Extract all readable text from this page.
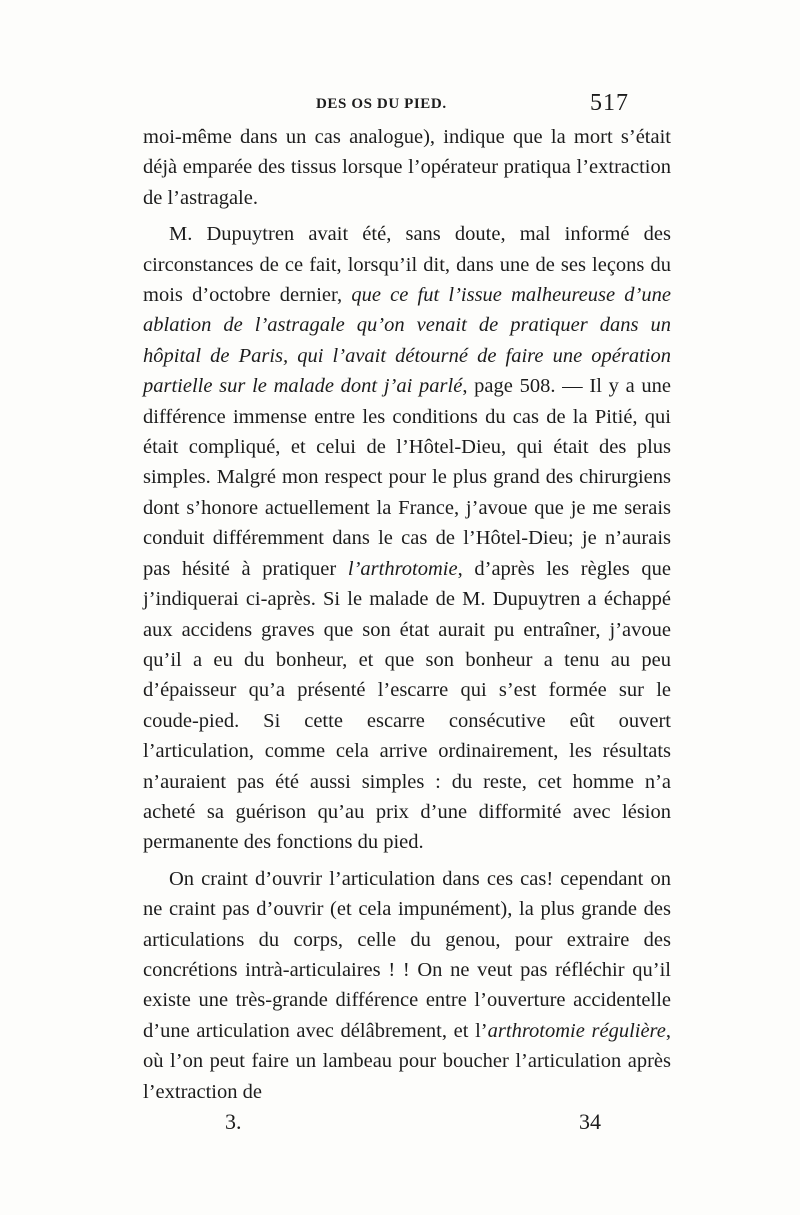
DES OS DU PIED.	517

moi-même dans un cas analogue), indique que la mort s’était déjà emparée des tissus lorsque l’opérateur pratiqua l’extraction de l’astragale.

M. Dupuytren avait été, sans doute, mal informé des circonstances de ce fait, lorsqu’il dit, dans une de ses leçons du mois d’octobre dernier, que ce fut l’issue malheureuse d’une ablation de l’astragale qu’on venait de pratiquer dans un hôpital de Paris, qui l’avait détourné de faire une opération partielle sur le malade dont j’ai parlé, page 508. — Il y a une différence immense entre les conditions du cas de la Pitié, qui était compliqué, et celui de l’Hôtel-Dieu, qui était des plus simples. Malgré mon respect pour le plus grand des chirurgiens dont s’honore actuellement la France, j’avoue que je me serais conduit différemment dans le cas de l’Hôtel-Dieu; je n’aurais pas hésité à pratiquer l’arthrotomie, d’après les règles que j’indiquerai ci-après. Si le malade de M. Dupuytren a échappé aux accidens graves que son état aurait pu entraîner, j’avoue qu’il a eu du bonheur, et que son bonheur a tenu au peu d’épaisseur qu’a présenté l’escarre qui s’est formée sur le coude-pied. Si cette escarre consécutive eût ouvert l’articulation, comme cela arrive ordinairement, les résultats n’auraient pas été aussi simples : du reste, cet homme n’a acheté sa guérison qu’au prix d’une difformité avec lésion permanente des fonctions du pied.

On craint d’ouvrir l’articulation dans ces cas! cependant on ne craint pas d’ouvrir (et cela impunément), la plus grande des articulations du corps, celle du genou, pour extraire des concrétions intrà-articulaires ! ! On ne veut pas réfléchir qu’il existe une très-grande différence entre l’ouverture accidentelle d’une articulation avec délâbrement, et l’arthrotomie régulière, où l’on peut faire un lambeau pour boucher l’articulation après l’extraction de

3.	34
